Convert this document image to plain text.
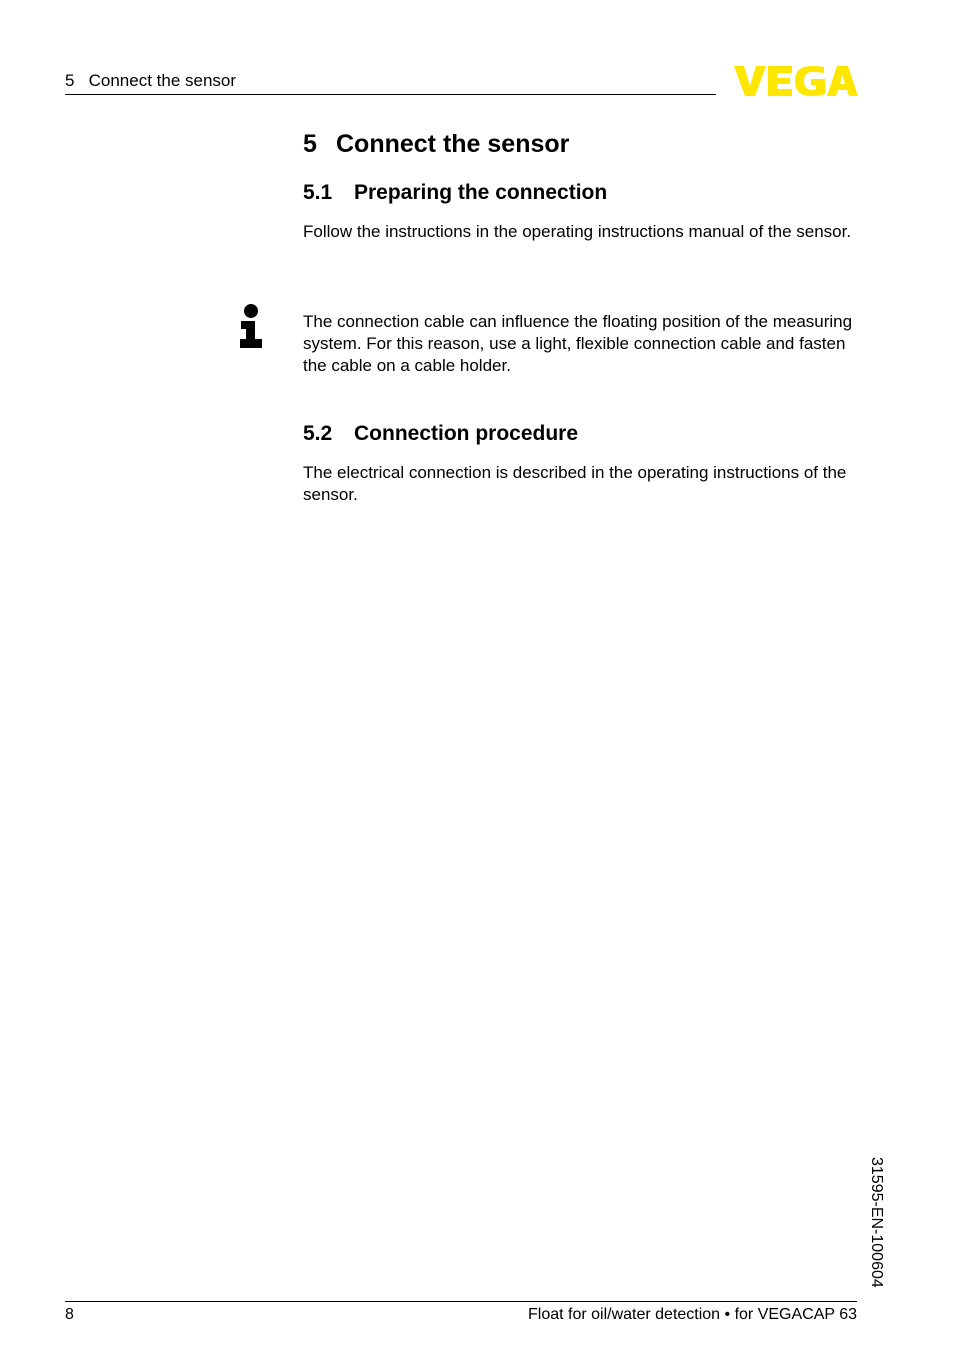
5   Connect the sensor
5 Connect the sensor
5.1 Preparing the connection
Follow the instructions in the operating instructions manual of the sensor.
The connection cable can influence the floating position of the measuring system. For this reason, use a light, flexible connection cable and fasten the cable on a cable holder.
5.2 Connection procedure
The electrical connection is described in the operating instructions of the sensor.
31595-EN-100604
8	Float for oil/water detection • for VEGACAP 63
